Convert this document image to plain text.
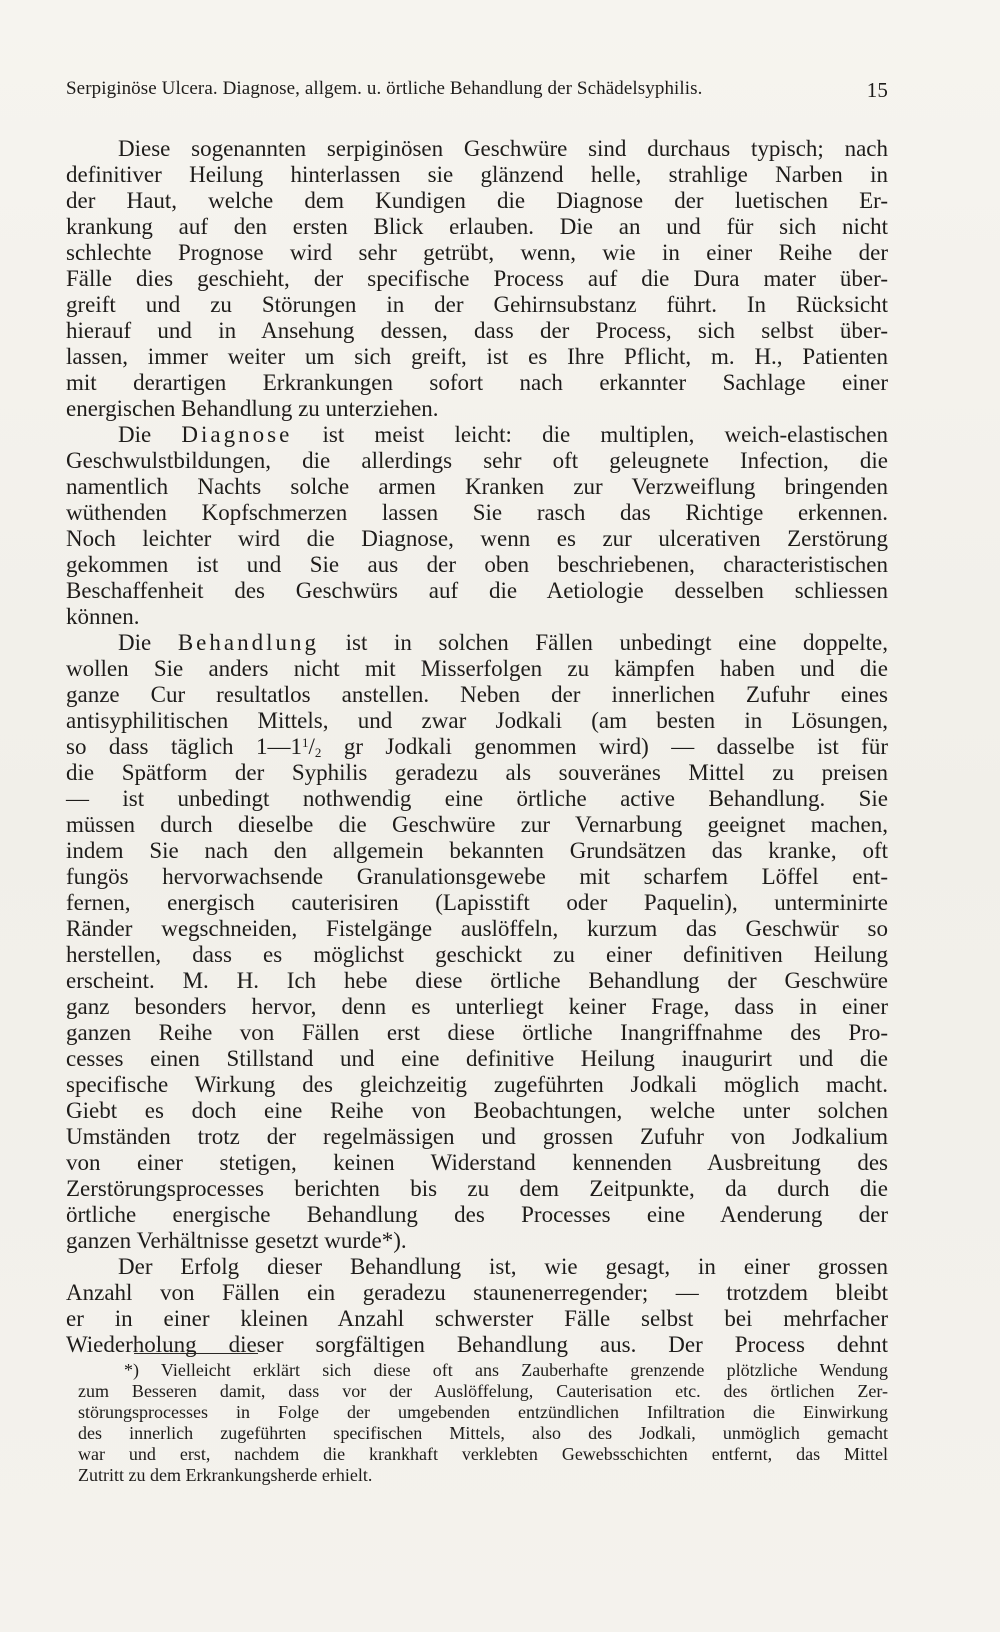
Serpiginöse Ulcera. Diagnose, allgem. u. örtliche Behandlung der Schädelsyphilis.	15
Diese sogenannten serpiginösen Geschwüre sind durchaus typisch; nach
definitiver Heilung hinterlassen sie glänzend helle, strahlige Narben in
der Haut, welche dem Kundigen die Diagnose der luetischen Er-
krankung auf den ersten Blick erlauben. Die an und für sich nicht
schlechte Prognose wird sehr getrübt, wenn, wie in einer Reihe der
Fälle dies geschieht, der specifische Process auf die Dura mater über-
greift und zu Störungen in der Gehirnsubstanz führt. In Rücksicht
hierauf und in Ansehung dessen, dass der Process, sich selbst über-
lassen, immer weiter um sich greift, ist es Ihre Pflicht, m. H., Patienten
mit derartigen Erkrankungen sofort nach erkannter Sachlage einer
energischen Behandlung zu unterziehen.
Die Diagnose ist meist leicht: die multiplen, weich-elastischen
Geschwulstbildungen, die allerdings sehr oft geleugnete Infection, die
namentlich Nachts solche armen Kranken zur Verzweiflung bringenden
wüthenden Kopfschmerzen lassen Sie rasch das Richtige erkennen.
Noch leichter wird die Diagnose, wenn es zur ulcerativen Zerstörung
gekommen ist und Sie aus der oben beschriebenen, characteristischen
Beschaffenheit des Geschwürs auf die Aetiologie desselben schliessen
können.
Die Behandlung ist in solchen Fällen unbedingt eine doppelte,
wollen Sie anders nicht mit Misserfolgen zu kämpfen haben und die
ganze Cur resultatlos anstellen. Neben der innerlichen Zufuhr eines
antisyphilitischen Mittels, und zwar Jodkali (am besten in Lösungen,
so dass täglich $1—1^1/_2$ gr Jodkali genommen wird) — dasselbe ist für
die Spätform der Syphilis geradezu als souveränes Mittel zu preisen
— ist unbedingt nothwendig eine örtliche active Behandlung. Sie
müssen durch dieselbe die Geschwüre zur Vernarbung geeignet machen,
indem Sie nach den allgemein bekannten Grundsätzen das kranke, oft
fungös hervorwachsende Granulationsgewebe mit scharfem Löffel ent-
fernen, energisch cauterisiren (Lapisstift oder Paquelin), unterminirte
Ränder wegschneiden, Fistelgänge auslöffeln, kurzum das Geschwür so
herstellen, dass es möglichst geschickt zu einer definitiven Heilung
erscheint. M. H. Ich hebe diese örtliche Behandlung der Geschwüre
ganz besonders hervor, denn es unterliegt keiner Frage, dass in einer
ganzen Reihe von Fällen erst diese örtliche Inangriffnahme des Pro-
cesses einen Stillstand und eine definitive Heilung inaugurirt und die
specifische Wirkung des gleichzeitig zugeführten Jodkali möglich macht.
Giebt es doch eine Reihe von Beobachtungen, welche unter solchen
Umständen trotz der regelmässigen und grossen Zufuhr von Jodkalium
von einer stetigen, keinen Widerstand kennenden Ausbreitung des
Zerstörungsprocesses berichten bis zu dem Zeitpunkte, da durch die
örtliche energische Behandlung des Processes eine Aenderung der
ganzen Verhältnisse gesetzt wurde*).
Der Erfolg dieser Behandlung ist, wie gesagt, in einer grossen
Anzahl von Fällen ein geradezu staunenerregender; — trotzdem bleibt
er in einer kleinen Anzahl schwerster Fälle selbst bei mehrfacher
Wiederholung dieser sorgfältigen Behandlung aus. Der Process dehnt
*) Vielleicht erklärt sich diese oft ans Zauberhafte grenzende plötzliche Wendung
zum Besseren damit, dass vor der Auslöffelung, Cauterisation etc. des örtlichen Zer-
störungsprocesses in Folge der umgebenden entzündlichen Infiltration die Einwirkung
des innerlich zugeführten specifischen Mittels, also des Jodkali, unmöglich gemacht
war und erst, nachdem die krankhaft verklebten Gewebsschichten entfernt, das Mittel
Zutritt zu dem Erkrankungsherde erhielt.
